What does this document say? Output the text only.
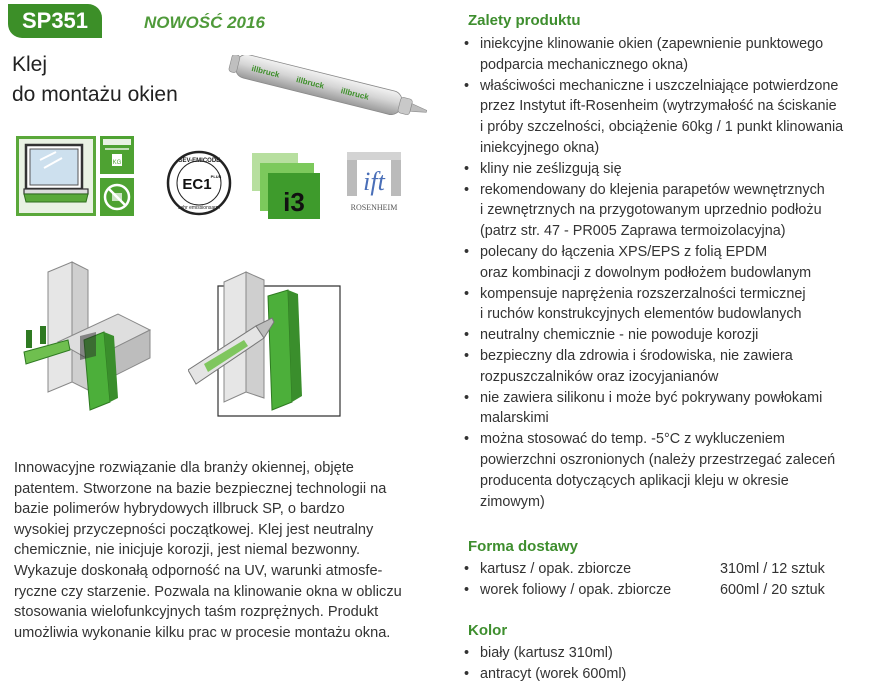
SP351	NOWOŚĆ 2016
Klej
do montażu okien
illbruck
illbruck
illbruck
KG	GEV-EMICODE
EC1 PLUS
sehr emissionsarm i3
ift
ROSENHEIM
Innowacyjne rozwiązanie dla branży okiennej, objęte
patentem. Stworzone na bazie bezpiecznej technologii na
bazie polimerów hybrydowych illbruck SP, o bardzo
wysokiej przyczepności początkowej. Klej jest neutralny
chemicznie, nie inicjuje korozji, jest niemal bezwonny.
Wykazuje doskonałą odporność na UV, warunki atmosfe-
ryczne czy starzenie. Pozwala na klinowanie okna w obliczu
stosowania wielofunkcyjnych taśm rozprężnych. Produkt
umożliwia wykonanie kilku prac w procesie montażu okna.
Zalety produktu
• iniekcyjne klinowanie okien (zapewnienie punktowego
podparcia mechanicznego okna)
• właściwości mechaniczne i uszczelniające potwierdzone
przez Instytut ift-Rosenheim (wytrzymałość na ściskanie
i próby szczelności, obciążenie 60kg / 1 punkt klinowania
iniekcyjnego okna)
• kliny nie ześlizgują się
• rekomendowany do klejenia parapetów wewnętrznych
i zewnętrznych na przygotowanym uprzednio podłożu
(patrz str. 47 - PR005 Zaprawa termoizolacyjna)
• polecany do łączenia XPS/EPS z folią EPDM
oraz kombinacji z dowolnym podłożem budowlanym
• kompensuje naprężenia rozszerzalności termicznej
i ruchów konstrukcyjnych elementów budowlanych
• neutralny chemicznie - nie powoduje korozji
• bezpieczny dla zdrowia i środowiska, nie zawiera
rozpuszczalników oraz izocyjanianów
• nie zawiera silikonu i może być pokrywany powłokami
malarskimi
• można stosować do temp. -5°C z wykluczeniem
powierzchni oszronionych (należy przestrzegać zaleceń
producenta dotyczących aplikacji kleju w okresie
zimowym)
Forma dostawy
• kartusz / opak. zbiorcze	310ml / 12 sztuk
• worek foliowy / opak. zbiorcze	600ml / 20 sztuk
Kolor
• biały (kartusz 310ml)
• antracyt (worek 600ml)
